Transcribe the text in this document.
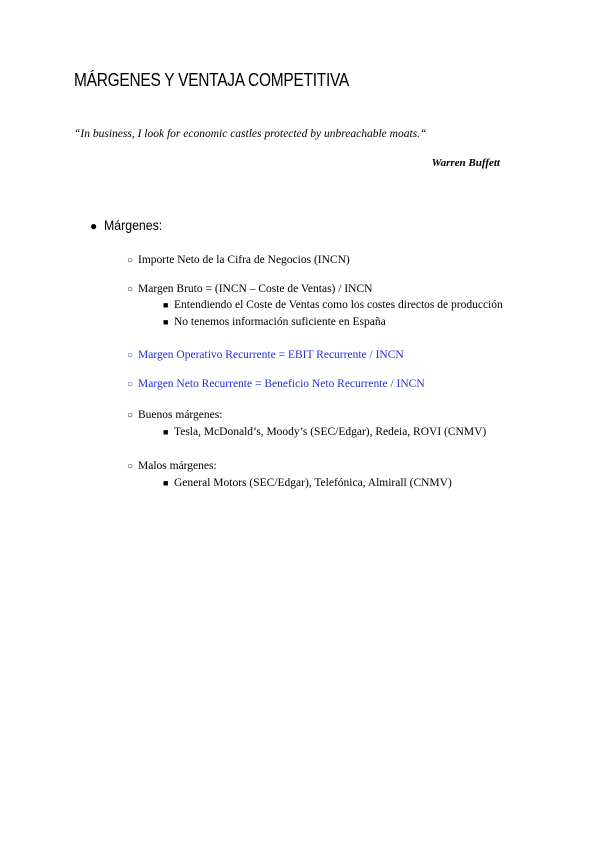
MÁRGENES Y VENTAJA COMPETITIVA
“In business, I look for economic castles protected by unbreachable moats.“
Warren Buffett
● Márgenes:
○ Importe Neto de la Cifra de Negocios (INCN)
○ Margen Bruto = (INCN – Coste de Ventas) / INCN
■ Entendiendo el Coste de Ventas como los costes directos de producción
■ No tenemos información suficiente en España
○ Margen Operativo Recurrente = EBIT Recurrente / INCN
○ Margen Neto Recurrente = Beneficio Neto Recurrente / INCN
○ Buenos márgenes:
■ Tesla, McDonald’s, Moody’s (SEC/Edgar), Redeia, ROVI (CNMV)
○ Malos márgenes:
■ General Motors (SEC/Edgar), Telefónica, Almirall (CNMV)
